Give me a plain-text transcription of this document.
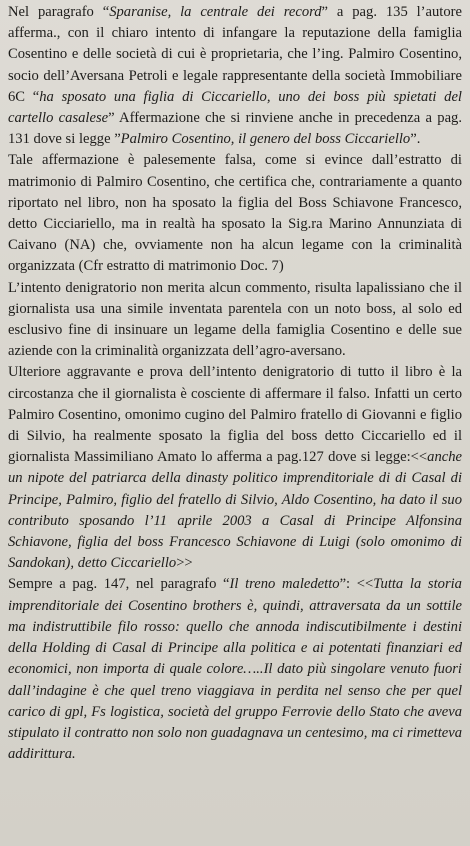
Nel paragrafo “Sparanise, la centrale dei record” a pag. 135 l’autore afferma., con il chiaro intento di infangare la reputazione della famiglia Cosentino e delle società di cui è proprietaria, che l’ing. Palmiro Cosentino, socio dell’Aversana Petroli e legale rappresentante della società Immobiliare 6C “ha sposato una figlia di Ciccariello, uno dei boss più spietati del cartello casalese” Affermazione che si rinviene anche in precedenza a pag. 131 dove si legge ”Palmiro Cosentino, il genero del boss Ciccariello”.

Tale affermazione è palesemente falsa, come si evince dall’estratto di matrimonio di Palmiro Cosentino, che certifica che, contrariamente a quanto riportato nel libro, non ha sposato la figlia del Boss Schiavone Francesco, detto Cicciariello, ma in realtà ha sposato la Sig.ra Marino Annunziata di Caivano (NA) che, ovviamente non ha alcun legame con la criminalità organizzata (Cfr estratto di matrimonio Doc. 7)

L’intento denigratorio non merita alcun commento, risulta lapalissiano che il giornalista usa una simile inventata parentela con un noto boss, al solo ed esclusivo fine di insinuare un legame della famiglia Cosentino e delle sue aziende con la criminalità organizzata dell’agro-aversano.

Ulteriore aggravante e prova dell’intento denigratorio di tutto il libro è la circostanza che il giornalista è cosciente di affermare il falso. Infatti un certo Palmiro Cosentino, omonimo cugino del Palmiro fratello di Giovanni e figlio di Silvio, ha realmente sposato la figlia del boss detto Ciccariello ed il giornalista Massimiliano Amato lo afferma a pag.127 dove si legge:<<anche un nipote del patriarca della dinasty politico imprenditoriale di di Casal di Principe, Palmiro, figlio del fratello di Silvio, Aldo Cosentino, ha dato il suo contributo sposando l’11 aprile 2003 a Casal di Principe Alfonsina Schiavone, figlia del boss Francesco Schiavone di Luigi (solo omonimo di Sandokan), detto Ciccariello>>

Sempre a pag. 147, nel paragrafo “Il treno maledetto”: <<Tutta la storia imprenditoriale dei Cosentino brothers è, quindi, attraversata da un sottile ma indistruttibile filo rosso: quello che annoda indiscutibilmente i destini della Holding di Casal di Principe alla politica e ai potentati finanziari ed economici, non importa di quale colore…..Il dato più singolare venuto fuori dall’indagine è che quel treno viaggiava in perdita nel senso che per quel carico di gpl, Fs logistica, società del gruppo Ferrovie dello Stato che aveva stipulato il contratto non solo non guadagnava un centesimo, ma ci rimetteva addirittura.
